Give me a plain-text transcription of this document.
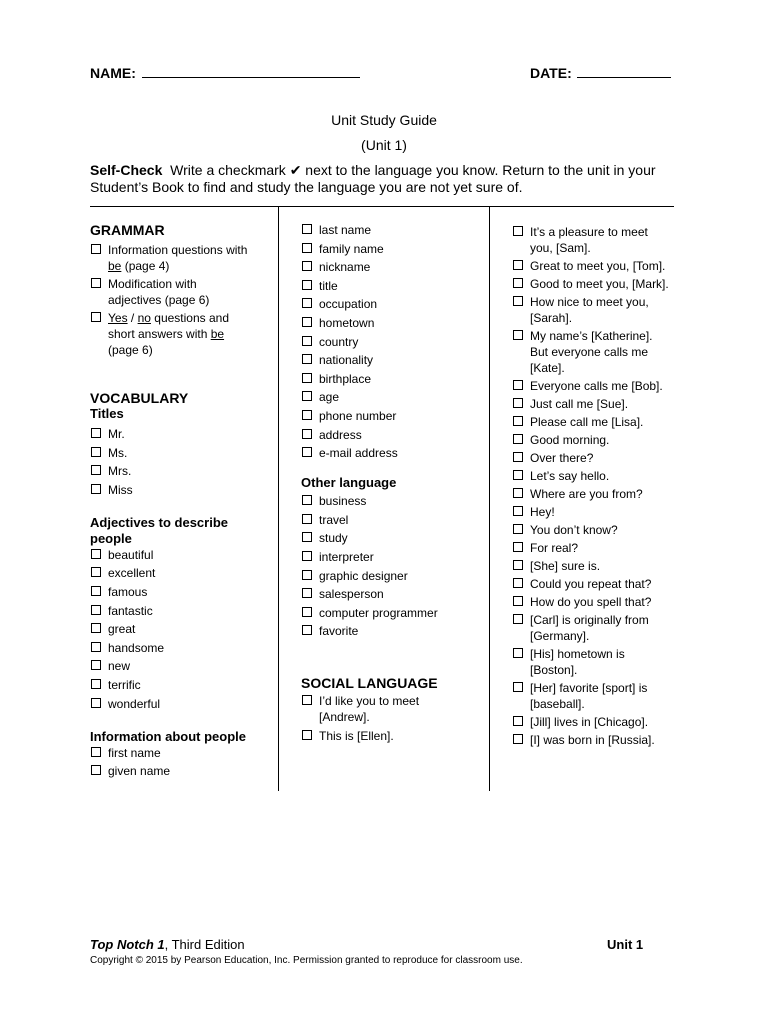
NAME:	DATE:
Unit Study Guide
(Unit 1)
Self-Check Write a checkmark ✔ next to the language you know. Return to the unit in your Student’s Book to find and study the language you are not yet sure of.
GRAMMAR
Information questions with
be (page 4)
Modification with
adjectives (page 6)
Yes / no questions and
short answers with be
(page 6)
VOCABULARY
Titles
Mr.
Ms.
Mrs.
Miss
Adjectives to describe
people
beautiful
excellent
famous
fantastic
great
handsome
new
terrific
wonderful
Information about people
first name
given name
last name
family name
nickname
title
occupation
hometown
country
nationality
birthplace
age
phone number
address
e-mail address
Other language
business
travel
study
interpreter
graphic designer
salesperson
computer programmer
favorite
SOCIAL LANGUAGE
I’d like you to meet
[Andrew].
This is [Ellen].
It’s a pleasure to meet
you, [Sam].
Great to meet you, [Tom].
Good to meet you, [Mark].
How nice to meet you,
[Sarah].
My name’s [Katherine].
But everyone calls me
[Kate].
Everyone calls me [Bob].
Just call me [Sue].
Please call me [Lisa].
Good morning.
Over there?
Let’s say hello.
Where are you from?
Hey!
You don’t know?
For real?
[She] sure is.
Could you repeat that?
How do you spell that?
[Carl] is originally from
[Germany].
[His] hometown is
[Boston].
[Her] favorite [sport] is
[baseball].
[Jill] lives in [Chicago].
[I] was born in [Russia].
Top Notch 1, Third Edition	Unit 1
Copyright © 2015 by Pearson Education, Inc. Permission granted to reproduce for classroom use.
